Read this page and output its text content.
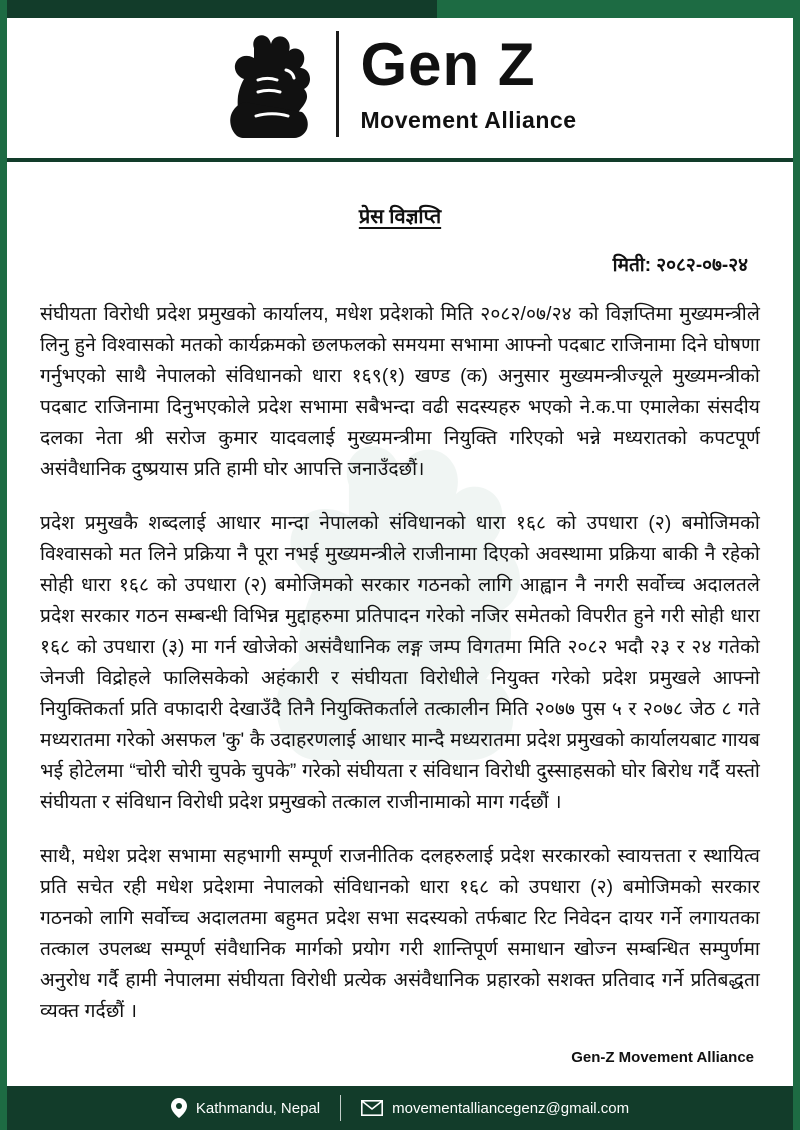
Gen Z
Movement Alliance
प्रेस विज्ञप्ति
मिती: २०८२-०७-२४

संघीयता विरोधी प्रदेश प्रमुखको कार्यालय, मधेश प्रदेशको मिति २०८२/०७/२४ को विज्ञप्तिमा मुख्यमन्त्रीले लिनु हुने विश्वासको मतको कार्यक्रमको छलफलको समयमा सभामा आफ्नो पदबाट राजिनामा दिने घोषणा गर्नुभएको साथै नेपालको संविधानको धारा १६९(१) खण्ड (क) अनुसार मुख्यमन्त्रीज्यूले मुख्यमन्त्रीको पदबाट राजिनामा दिनुभएकोले प्रदेश सभामा सबैभन्दा वढी सदस्यहरु भएको ने.क.पा एमालेका संसदीय दलका नेता श्री सरोज कुमार यादवलाई मुख्यमन्त्रीमा नियुक्ति गरिएको भन्ने मध्यरातको कपटपूर्ण असंवैधानिक दुष्प्रयास प्रति हामी घोर आपत्ति जनाउँदछौं।

प्रदेश प्रमुखकै शब्दलाई आधार मान्दा नेपालको संविधानको धारा १६८ को उपधारा (२) बमोजिमको विश्वासको मत लिने प्रक्रिया नै पूरा नभई मुख्यमन्त्रीले राजीनामा दिएको अवस्थामा प्रक्रिया बाकी नै रहेको सोही धारा १६८ को उपधारा (२) बमोजिमको सरकार गठनको लागि आह्वान नै नगरी सर्वोच्च अदालतले प्रदेश सरकार गठन सम्बन्धी विभिन्न मुद्दाहरुमा प्रतिपादन गरेको नजिर समेतको विपरीत हुने गरी सोही धारा १६८ को उपधारा (३) मा गर्न खोजेको असंवैधानिक लङ्ग जम्प विगतमा मिति २०८२ भदौ २३ र २४ गतेको जेनजी विद्रोहले फालिसकेको अहंकारी र संघीयता विरोधीले नियुक्त गरेको प्रदेश प्रमुखले आफ्नो नियुक्तिकर्ता प्रति वफादारी देखाउँदै तिनै नियुक्तिकर्ताले तत्कालीन मिति २०७७ पुस ५ र २०७८ जेठ ८ गते मध्यरातमा गरेको असफल 'कु' कै उदाहरणलाई आधार मान्दै मध्यरातमा प्रदेश प्रमुखको कार्यालयबाट गायब भई होटेलमा “चोरी चोरी चुपके चुपके” गरेको संघीयता र संविधान विरोधी दुस्साहसको घोर बिरोध गर्दै यस्तो संघीयता र संविधान विरोधी प्रदेश प्रमुखको तत्काल राजीनामाको माग गर्दछौं ।

साथै, मधेश प्रदेश सभामा सहभागी सम्पूर्ण राजनीतिक दलहरुलाई प्रदेश सरकारको स्वायत्तता र स्थायित्व प्रति सचेत रही मधेश प्रदेशमा नेपालको संविधानको धारा १६८ को उपधारा (२) बमोजिमको सरकार गठनको लागि सर्वोच्च अदालतमा बहुमत प्रदेश सभा सदस्यको तर्फबाट रिट निवेदन दायर गर्ने लगायतका तत्काल उपलब्ध सम्पूर्ण संवैधानिक मार्गको प्रयोग गरी शान्तिपूर्ण समाधान खोज्न सम्बन्धित सम्पुर्णमा अनुरोध गर्दै हामी नेपालमा संघीयता विरोधी प्रत्येक असंवैधानिक प्रहारको सशक्त प्रतिवाद गर्ने प्रतिबद्धता व्यक्त गर्दछौं ।

Gen-Z Movement Alliance
Kathmandu, Nepal	movementalliancegenz@gmail.com
